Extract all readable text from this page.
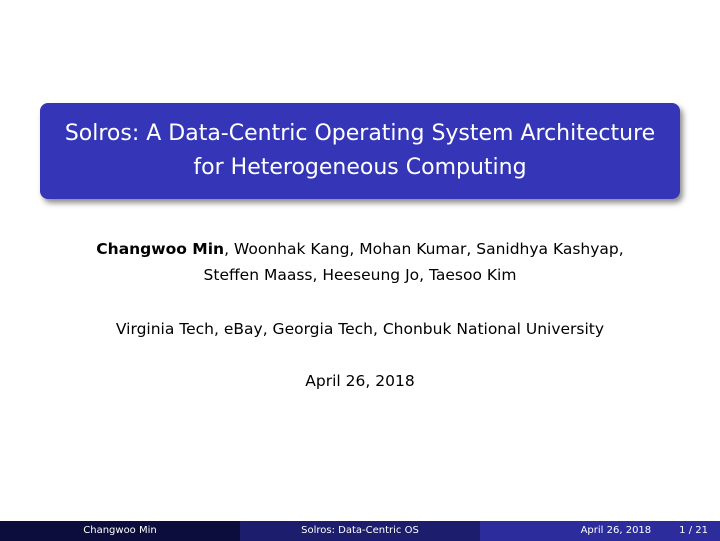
Solros: A Data-Centric Operating System Architecture
for Heterogeneous Computing
Changwoo Min, Woonhak Kang, Mohan Kumar, Sanidhya Kashyap,
Steffen Maass, Heeseung Jo, Taesoo Kim
Virginia Tech, eBay, Georgia Tech, Chonbuk National University
April 26, 2018
Changwoo Min	Solros: Data-Centric OS	April 26, 2018	1 / 21
